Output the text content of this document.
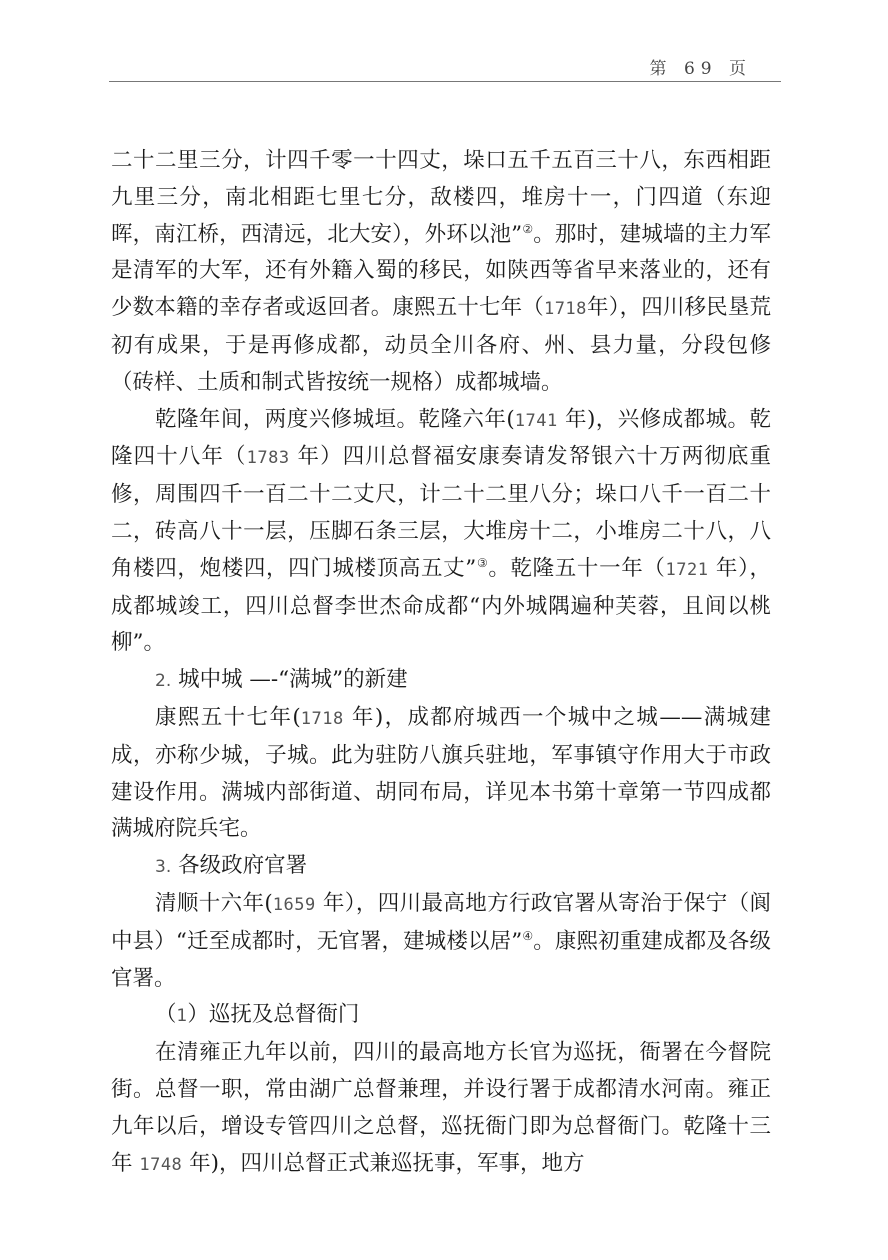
第 69 页

二十二里三分，计四千零一十四丈，垛口五千五百三十八，东西相距九里三分，南北相距七里七分，敌楼四，堆房十一，门四道（东迎晖，南江桥，西清远，北大安），外环以池”②。那时，建城墙的主力军是清军的大军，还有外籍入蜀的移民，如陕西等省早来落业的，还有少数本籍的幸存者或返回者。康熙五十七年（1718年），四川移民垦荒初有成果，于是再修成都，动员全川各府、州、县力量，分段包修（砖样、土质和制式皆按统一规格）成都城墙。

乾隆年间，两度兴修城垣。乾隆六年(1741 年)，兴修成都城。乾隆四十八年（1783 年）四川总督福安康奏请发帑银六十万两彻底重修，周围四千一百二十二丈尺，计二十二里八分；垛口八千一百二十二，砖高八十一层，压脚石条三层，大堆房十二，小堆房二十八，八角楼四，炮楼四，四门城楼顶高五丈”③。乾隆五十一年（1721 年），成都城竣工，四川总督李世杰命成都“内外城隅遍种芙蓉，且间以桃柳”。

2. 城中城 —-“满城”的新建

康熙五十七年(1718 年)，成都府城西一个城中之城——满城建成，亦称少城，子城。此为驻防八旗兵驻地，军事镇守作用大于市政建设作用。满城内部街道、胡同布局，详见本书第十章第一节四成都满城府院兵宅。

3. 各级政府官署

清顺十六年(1659 年），四川最高地方行政官署从寄治于保宁（阆中县）“迁至成都时，无官署，建城楼以居”④。康熙初重建成都及各级官署。

（1）巡抚及总督衙门

在清雍正九年以前，四川的最高地方长官为巡抚，衙署在今督院街。总督一职，常由湖广总督兼理，并设行署于成都清水河南。雍正九年以后，增设专管四川之总督，巡抚衙门即为总督衙门。乾隆十三年 1748 年)，四川总督正式兼巡抚事，军事，地方
